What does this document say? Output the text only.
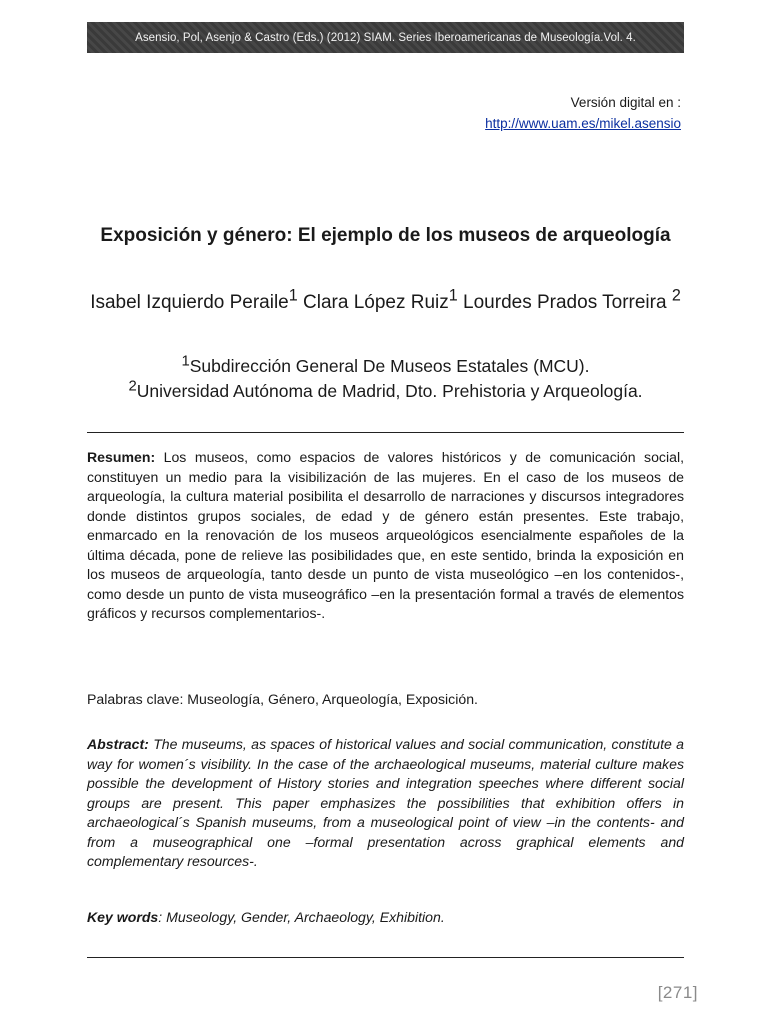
Asensio, Pol, Asenjo & Castro (Eds.) (2012) SIAM. Series Iberoamericanas de Museología.Vol. 4.
Versión digital en :
http://www.uam.es/mikel.asensio
Exposición y género: El ejemplo de los museos de arqueología
Isabel Izquierdo Peraile$^1$ Clara López Ruiz$^1$ Lourdes Prados Torreira $^2$
$^1$Subdirección General De Museos Estatales (MCU).
$^2$Universidad Autónoma de Madrid, Dto. Prehistoria y Arqueología.
Resumen: Los museos, como espacios de valores históricos y de comunicación social, constituyen un medio para la visibilización de las mujeres. En el caso de los museos de arqueología, la cultura material posibilita el desarrollo de narraciones y discursos integradores donde distintos grupos sociales, de edad y de género están presentes. Este trabajo, enmarcado en la renovación de los museos arqueológicos esencialmente españoles de la última década, pone de relieve las posibilidades que, en este sentido, brinda la exposición en los museos de arqueología, tanto desde un punto de vista museológico –en los contenidos-, como desde un punto de vista museográfico –en la presentación formal a través de elementos gráficos y recursos complementarios-.
Palabras clave: Museología, Género, Arqueología, Exposición.
Abstract: The museums, as spaces of historical values and social communication, constitute a way for women´s visibility. In the case of the archaeological museums, material culture makes possible the development of History stories and integration speeches where different social groups are present. This paper emphasizes the possibilities that exhibition offers in archaeological´s Spanish museums, from a museological point of view –in the contents- and from a museographical one –formal presentation across graphical elements and complementary resources-.
Key words: Museology, Gender, Archaeology, Exhibition.
[271]
